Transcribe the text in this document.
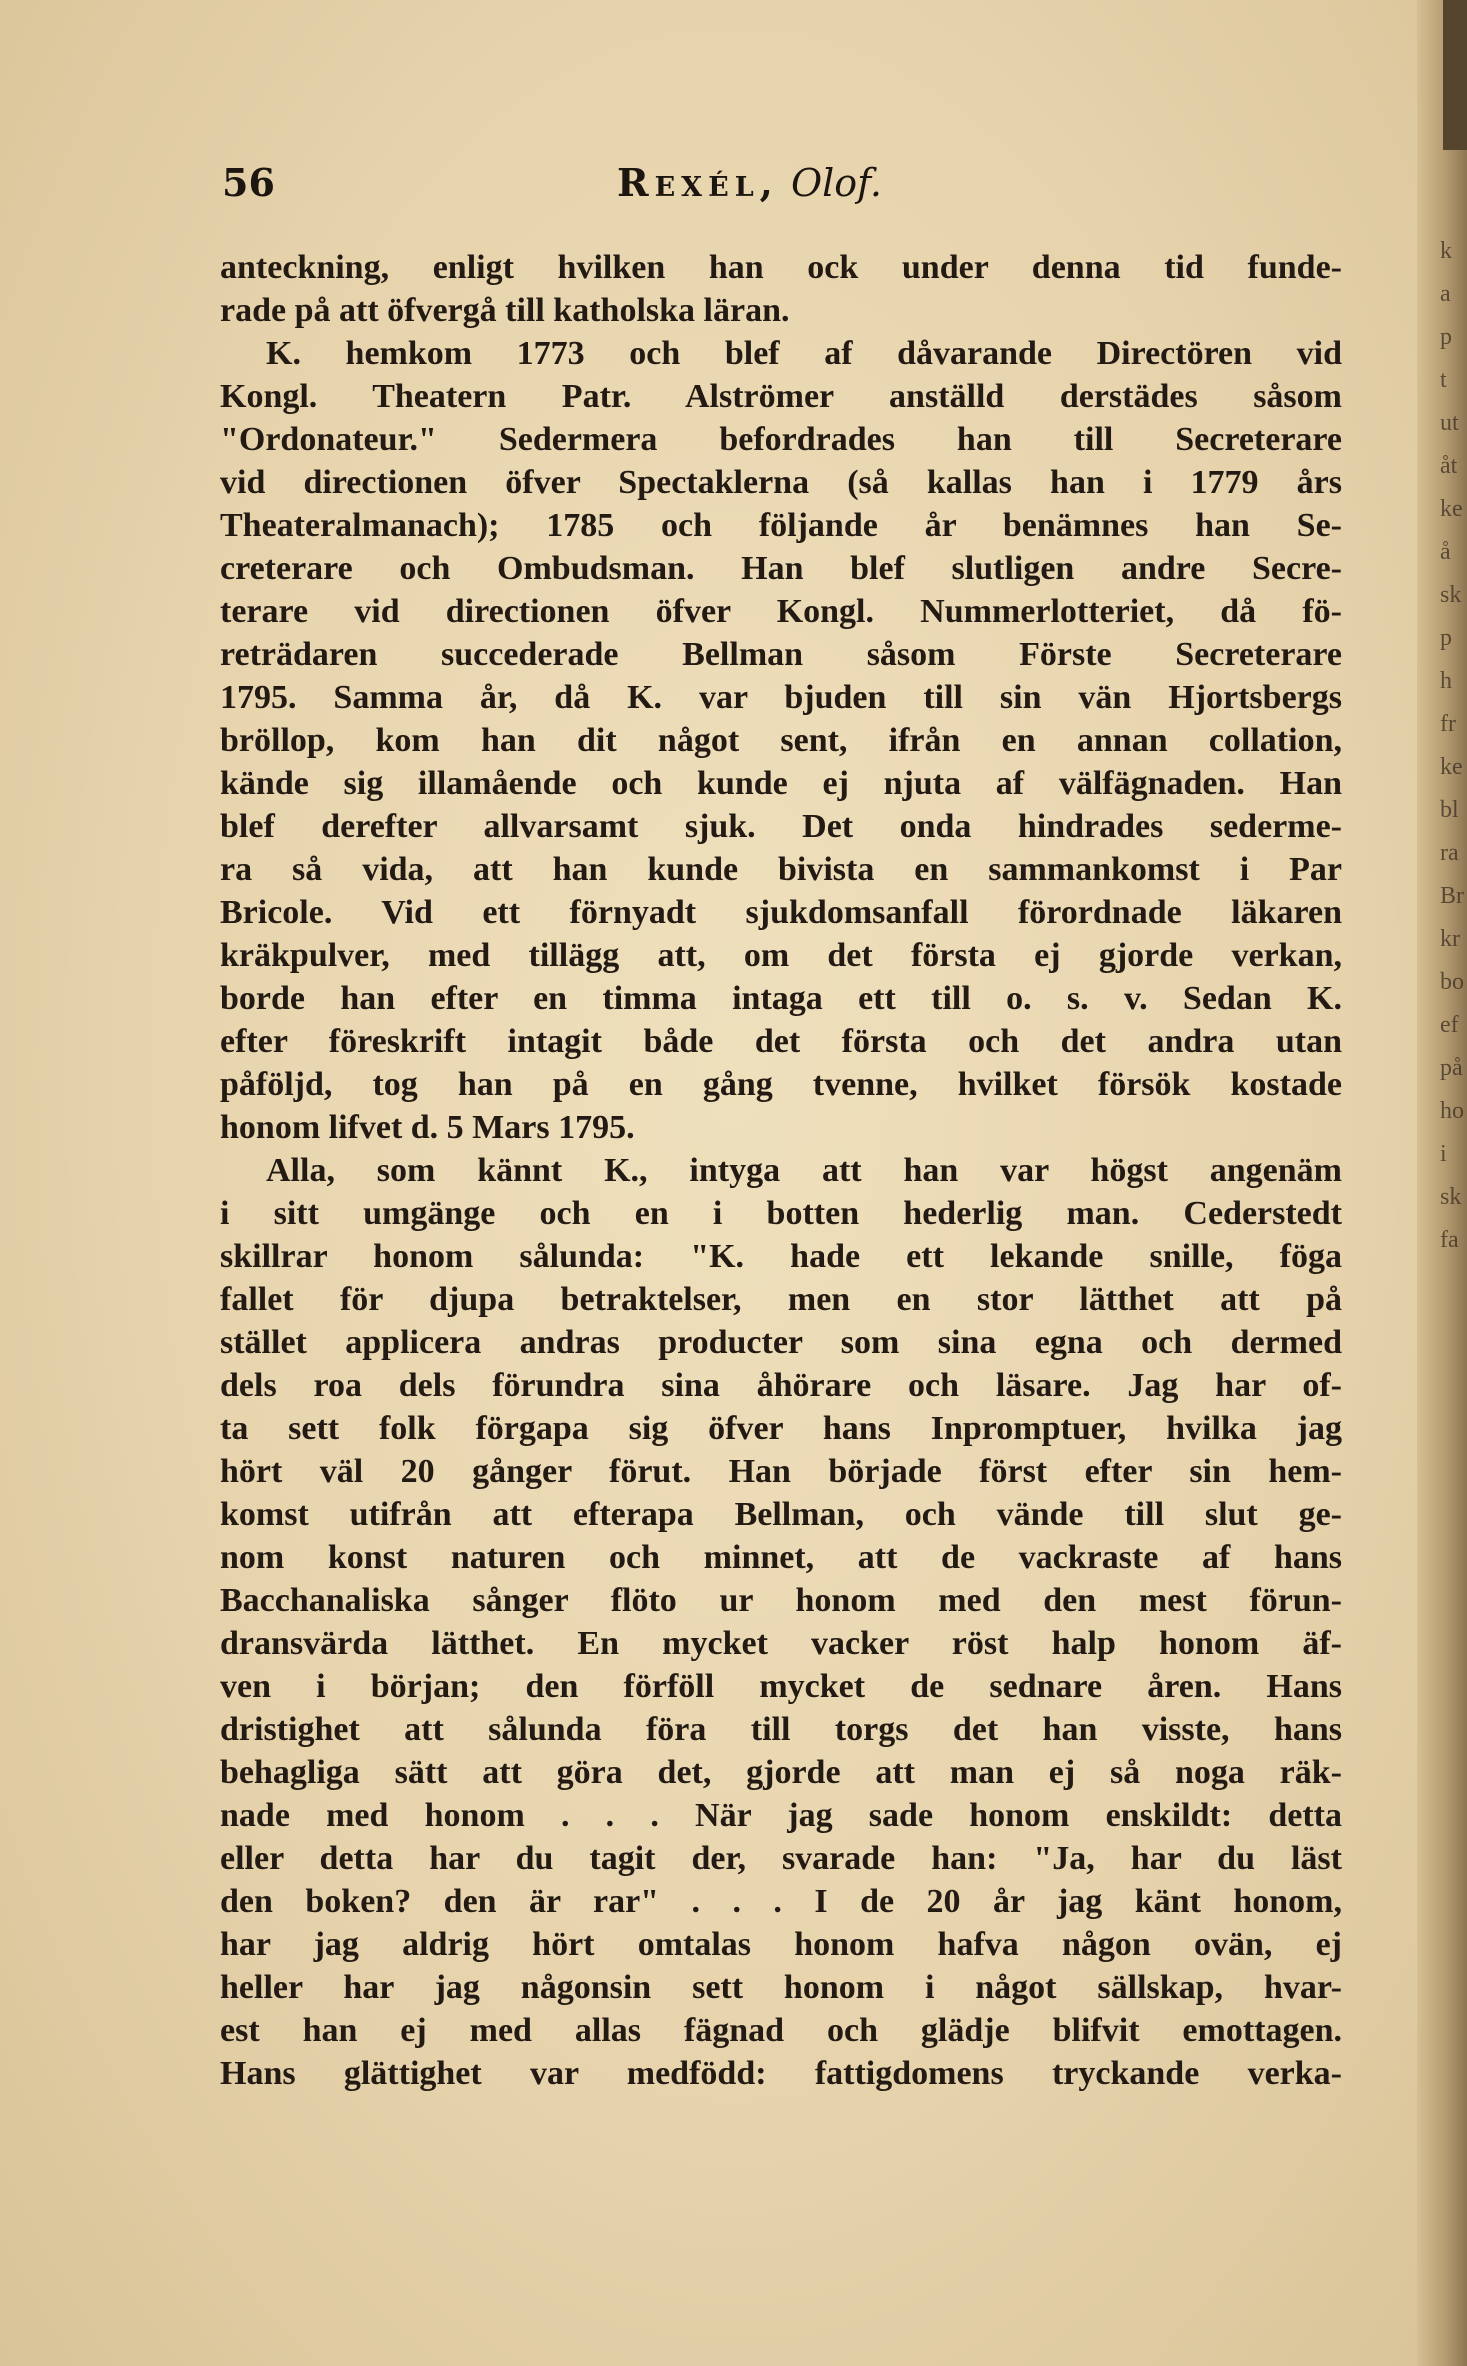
56	Rexél, Olof.
anteckning, enligt hvilken han ock under denna tid funde-
rade på att öfvergå till katholska läran.
K. hemkom 1773 och blef af dåvarande Directören vid
Kongl. Theatern Patr. Alströmer anställd derstädes såsom
"Ordonateur." Sedermera befordrades han till Secreterare
vid directionen öfver Spectaklerna (så kallas han i 1779 års
Theateralmanach); 1785 och följande år benämnes han Se-
creterare och Ombudsman. Han blef slutligen andre Secre-
terare vid directionen öfver Kongl. Nummerlotteriet, då fö-
reträdaren succederade Bellman såsom Förste Secreterare
1795. Samma år, då K. var bjuden till sin vän Hjortsbergs
bröllop, kom han dit något sent, ifrån en annan collation,
kände sig illamående och kunde ej njuta af välfägnaden. Han
blef derefter allvarsamt sjuk. Det onda hindrades sederme-
ra så vida, att han kunde bivista en sammankomst i Par
Bricole. Vid ett förnyadt sjukdomsanfall förordnade läkaren
kräkpulver, med tillägg att, om det första ej gjorde verkan,
borde han efter en timma intaga ett till o. s. v. Sedan K.
efter föreskrift intagit både det första och det andra utan
påföljd, tog han på en gång tvenne, hvilket försök kostade
honom lifvet d. 5 Mars 1795.
Alla, som kännt K., intyga att han var högst angenäm
i sitt umgänge och en i botten hederlig man. Cederstedt
skillrar honom sålunda: "K. hade ett lekande snille, föga
fallet för djupa betraktelser, men en stor lätthet att på
stället applicera andras producter som sina egna och dermed
dels roa dels förundra sina åhörare och läsare. Jag har of-
ta sett folk förgapa sig öfver hans Inpromptuer, hvilka jag
hört väl 20 gånger förut. Han började först efter sin hem-
komst utifrån att efterapa Bellman, och vände till slut ge-
nom konst naturen och minnet, att de vackraste af hans
Bacchanaliska sånger flöto ur honom med den mest förun-
dransvärda lätthet. En mycket vacker röst halp honom äf-
ven i början; den förföll mycket de sednare åren. Hans
dristighet att sålunda föra till torgs det han visste, hans
behagliga sätt att göra det, gjorde att man ej så noga räk-
nade med honom . . . När jag sade honom enskildt: detta
eller detta har du tagit der, svarade han: "Ja, har du läst
den boken? den är rar" . . . I de 20 år jag känt honom,
har jag aldrig hört omtalas honom hafva någon ovän, ej
heller har jag någonsin sett honom i något sällskap, hvar-
est han ej med allas fägnad och glädje blifvit emottagen.
Hans glättighet var medfödd: fattigdomens tryckande verka-
k
a
p
t
ut
åt
ke
å
sk
p
h
fr
ke
bl
ra
Br
kr
bo
ef
på
ho
i
sk
fa
